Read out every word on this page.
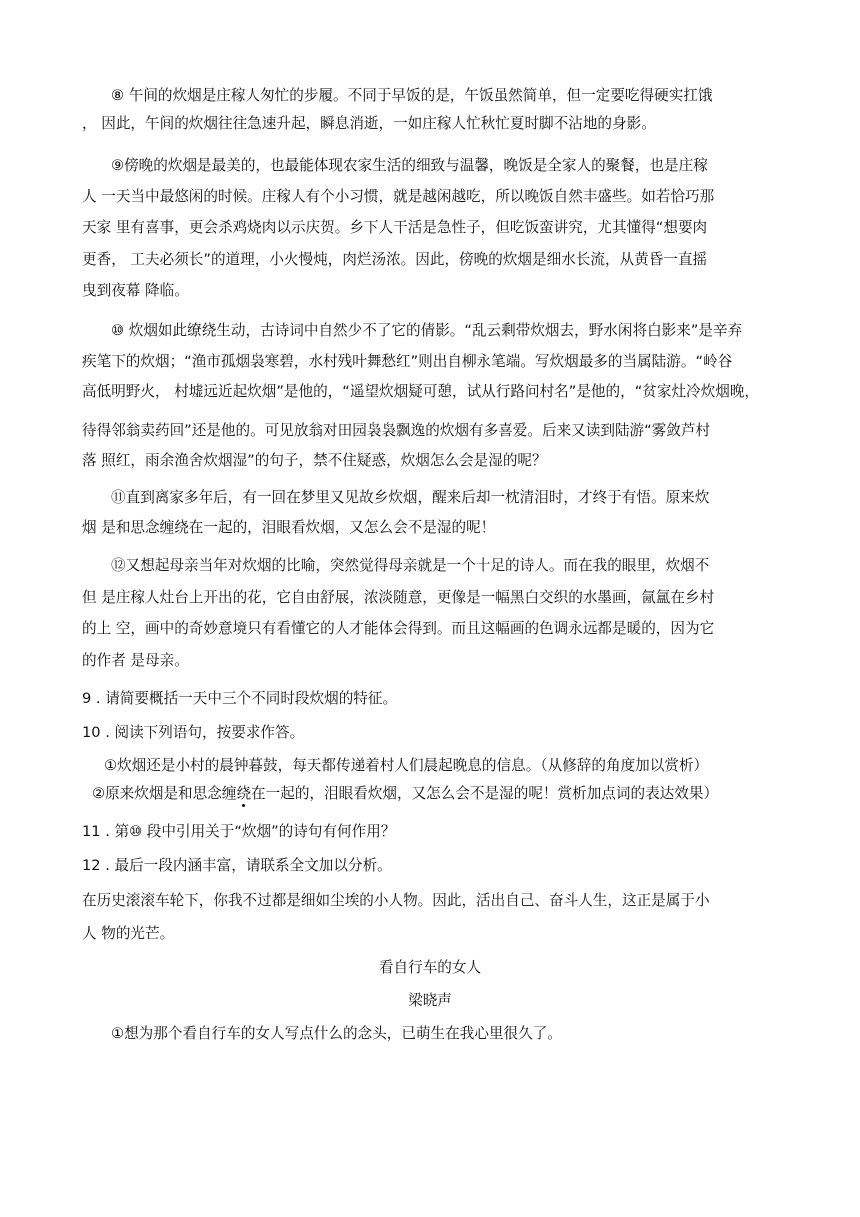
⑧ 午间的炊烟是庄稼人匆忙的步履。不同于早饭的是，午饭虽然简单，但一定要吃得硬实扛饿
， 因此，午间的炊烟往往急速升起，瞬息消逝，一如庄稼人忙秋忙夏时脚不沾地的身影。
⑨傍晚的炊烟是最美的，也最能体现农家生活的细致与温馨，晚饭是全家人的聚餐，也是庄稼
人 一天当中最悠闲的时候。庄稼人有个小习惯，就是越闲越吃，所以晚饭自然丰盛些。如若恰巧那
天家 里有喜事，更会杀鸡烧肉以示庆贺。乡下人干活是急性子，但吃饭蛮讲究，尤其懂得“想要肉
更香， 工夫必须长”的道理，小火慢炖，肉烂汤浓。因此，傍晚的炊烟是细水长流，从黄昏一直摇
曳到夜幕 降临。
⑩ 炊烟如此缭绕生动，古诗词中自然少不了它的倩影。“乱云剩带炊烟去，野水闲将白影来”是辛弃
疾笔下的炊烟；“渔市孤烟袅寒碧，水村残叶舞愁红”则出自柳永笔端。写炊烟最多的当属陆游。“岭谷
高低明野火， 村墟远近起炊烟”是他的，“遥望炊烟疑可憩，试从行路问村名”是他的，“贫家灶冷炊烟晚，
待得邻翁卖药回”还是他的。可见放翁对田园袅袅飘逸的炊烟有多喜爱。后来又读到陆游“雾敛芦村
落 照红，雨余渔舍炊烟湿”的句子，禁不住疑惑，炊烟怎么会是湿的呢？
⑪直到离家多年后，有一回在梦里又见故乡炊烟，醒来后却一枕清泪时，才终于有悟。原来炊
烟 是和思念缠绕在一起的，泪眼看炊烟，又怎么会不是湿的呢！
⑫又想起母亲当年对炊烟的比喻，突然觉得母亲就是一个十足的诗人。而在我的眼里，炊烟不
但 是庄稼人灶台上开出的花，它自由舒展，浓淡随意，更像是一幅黑白交织的水墨画，氤氲在乡村
的上 空，画中的奇妙意境只有看懂它的人才能体会得到。而且这幅画的色调永远都是暖的，因为它
的作者 是母亲。
9 . 请简要概括一天中三个不同时段炊烟的特征。
10 . 阅读下列语句，按要求作答。
①炊烟还是小村的晨钟暮鼓，每天都传递着村人们晨起晚息的信息。（从修辞的角度加以赏析）
②原来炊烟是和思念缠绕在一起的，泪眼看炊烟，又怎么会不是湿的呢！赏析加点词的表达效果）
11 . 第⑩ 段中引用关于“炊烟”的诗句有何作用？
12 . 最后一段内涵丰富，请联系全文加以分析。
在历史滚滚车轮下，你我不过都是细如尘埃的小人物。因此，活出自己、奋斗人生，这正是属于小
人 物的光芒。
看自行车的女人
梁晓声
①想为那个看自行车的女人写点什么的念头，已萌生在我心里很久了。
